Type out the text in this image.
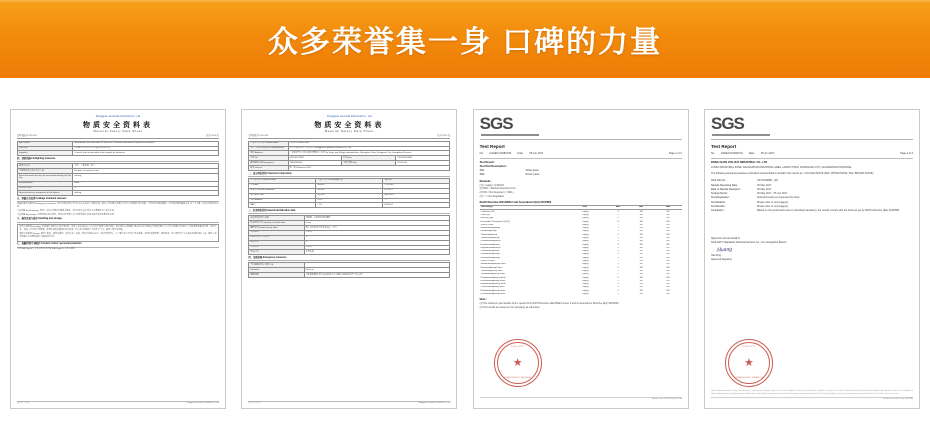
众多荣誉集一身 口碑的力量
Dongguan Junxinda Chemical Co., Ltd
物质安全资料表
Material Safety Data Sheet
资料表编号:JXD-001	版本:2015 版
Eye contact	Immediately rinse with water or saline for 15 minutes and need to hospital for treatment
皮肤接触	立即脱去污染衣着,用大量流动清水冲洗
Ingestion	To wash, drink as desirable to be hospital for treatment
四、消防措施 Firefighting measures
适用灭火剂	干粉、二氧化碳、砂土
不适用的灭火剂或灭火方法	No data, not need to know
Special hazards that may be encountered during the fighting	nothing
Fire-protection	water
特殊防护措施	无
Special protective equipment for the fighters	nothing
五、泄漏应急处理 Leakage treatment measure
泄漏的紧急处理措施 Emergency treatment: 切开污染的现场,不允许无关人员进入,切断火源。建议应急处理人员戴自给正压式呼吸器,穿防毒服。不要直接接触泄漏物。尽可能切断泄漏源,防止流入下水道、排洪沟等限制性空间。
少量泄漏 Small leakage: 用砂土或其它不燃材料吸附或吸收。也可以用大量水冲洗,洗水稀释后放入废水系统。
大量泄漏 Big leakage: 构筑围堤或挖坑收容。用泵转移至槽车或专用收集器内,回收或运至废物处理场所处置。
六、操作处置与储存 Handling and storage
操作注意事项 Handling: 密闭操作,提供充分的局部排风。操作人员必须经过专门培训,严格遵守操作规程。建议操作人员佩戴自吸过滤式防毒面具(半面罩),戴化学安全防护眼镜,穿防静电工作服,戴橡胶耐油手套。远离火种、热源,工作场所严禁吸烟。使用防爆型的通风系统和设备。防止蒸气泄漏到工作场所空气中。避免与氧化剂接触。
储存注意事项 Storage: 储存于阴凉、通风的库房。远离火种、热源。库温不宜超过30℃。保持容器密封。应与氧化剂分开存放,切忌混储。采用防爆型照明、通风设施。禁止使用易产生火花的机械设备和工具。储区应备有泄漏应急处理设备和合适的收容材料。
七、接触控制/个体防护 Contact control / personal protection
中国 MAC(mg/m³): 未制定标准 前苏联 MAC(mg/m³): 未制定标准
第 2 页 共 4 页	Dongguan Junxinda Chemical Co., Ltd
Dongguan Junxinda Chemical Co., Ltd
物质安全资料表
Material Safety Data Sheet
资料表编号:JXD-001	版本:2015 版
产品中英文名称 Product name	白色胶浆 White Glue		
生产厂商及制造商名称 Manufacturer	东莞市骏信达化工有限公司 Dongguan Junxinda Chemical Co., Ltd		
地址 Address	广东省东莞市大岭山镇大塘朗村工业区 Da Tang Lang Village Industrial Area, Dalingshan Town, Dongguan City, Guangdong Province		
电话 Tel	0769-81234567	传真 Fax	0769-81234568
紧急联络电话 Emergency	13800000000	制表日期 Date	2015-6-10
版本 Version	第一版 Reference 2015		
二、成分辨识资料 Chemical composition
化学品名称 Chemical name	含量百分比 Percentage (%)	CAS NO
水 Water	30-40%	7732-18-5
碳酸钙 Calcium carbonate	20-30%	471-34-1
聚乙烯醇 PVA	10-20%	9002-89-5
助剂 Additive	1-5%	—
MAP	< 1%	672-83-4
三、危害辨识资料 Hazard identification data
最重要的危害与影响	对眼睛、皮肤有轻微刺激性
物质危害分类 substance classification	Curve
健康危害 Health hazard effect	吸入高浓度蒸气可引起头晕、乏力
环境影响	无资料
物理性及化学性危害	无
特殊危害	无
主要症状	无资料
物质分类	非危险品
四、急救措施 Emergency measures
不同暴露途径之急救方法	
Inhalation	Fresh air
眼睛接触	立即提起眼睑,用大量流动清水或生理盐水彻底冲洗至少15分钟
第 1 页 共 4 页	Dongguan Junxinda Chemical Co., Ltd
SGS
Test Report
No. CANEC1702827/01 Date: 05 Jun 2017	Page 2 of 3
Test Result :
Test Part Description :
SN1	White paste
SN2	Brown paste
Remarks :
(1) 1 mg/kg = 0.0001%
(2) MDL = Method Detection Limit
(3) ND = Not Detected ( < MDL )
(4) "-" = Not Regulated
RoHS Directive 2011/65/EU and Amendment (EU) 2015/863
Test Item(s)	Unit	MDL	SN1	SN2
Cadmium (Cd)	mg/kg	2	ND	ND
Lead (Pb)	mg/kg	2	ND	ND
Mercury (Hg)	mg/kg	2	ND	ND
Hexavalent Chromium (Cr(VI))	mg/kg	8	ND	ND
Sum of PBBs	mg/kg	-	ND	ND
Monobromobiphenyl	mg/kg	5	ND	ND
Dibromobiphenyl	mg/kg	5	ND	ND
Tribromobiphenyl	mg/kg	5	ND	ND
Tetrabromobiphenyl	mg/kg	5	ND	ND
Pentabromobiphenyl	mg/kg	5	ND	ND
Hexabromobiphenyl	mg/kg	5	ND	ND
Heptabromobiphenyl	mg/kg	5	ND	ND
Octabromobiphenyl	mg/kg	5	ND	ND
Nonabromobiphenyl	mg/kg	5	ND	ND
Decabromobiphenyl	mg/kg	5	ND	ND
Sum of PBDEs	mg/kg	-	ND	ND
Monobromodiphenyl ether	mg/kg	5	ND	ND
Dibromodiphenyl ether	mg/kg	5	ND	ND
Tribromodiphenyl ether	mg/kg	5	ND	ND
Tetrabromodiphenyl ether	mg/kg	5	ND	ND
Pentabromodiphenyl ether	mg/kg	5	ND	ND
Hexabromodiphenyl ether	mg/kg	5	ND	ND
Heptabromodiphenyl ether	mg/kg	5	ND	ND
Octabromodiphenyl ether	mg/kg	5	ND	ND
Nonabromodiphenyl ether	mg/kg	5	ND	ND
Decabromodiphenyl ether	mg/kg	5	ND	ND
Note :
(1) The maximum permissible limit is quoted from RoHS Directive 2011/65/EU Annex II and its amendment Directive (EU) 2015/863.
(2) Test results are based on the sample(s) as submitted.
SGS-CSTC
★
GUANGZHOU BRANCH
Member of the SGS Group (SGS SA)
SGS
Test Report
No. CANEC1702827/01 Date: 05 Jun 2017	Page 1 of 3
DONG GUAN JUN HUA INDUSTRIAL CO., LTD
JUNFU INDUSTRIAL ZONE, DALINGSHAN INDUSTRIAL AREA, LAOBU TOWN, DONGGUAN CITY, GUANGDONG PROVINCE
The following sample(s) was/were submitted and identified on behalf of the clients as : COLOUR PASTE (SN1: WHITE PASTE, SN2: BROWN PASTE)
SGS Job No. :	CP1702089B - QN
Sample Receiving Date :	25 May 2017
Date of Sample Received :	25 May 2017
Testing Period :	25 May 2017 - 05 Jun 2017
Test Requested :	Selected test(s) as requested by client.
Test Method :	Please refer to next page(s).
Test Results :	Please refer to next page(s).
Conclusion :	Based on the performed tests on submitted sample(s), the results comply with the limits as set by RoHS Directive (EU) 2015/863.
Signed for and on behalf of
SGS-CSTC Standards Technical Services Co., Ltd. Guangzhou Branch
Huang
Hao Ping
Approved Signatory
SGS-CSTC
★
GUANGZHOU BRANCH
Unless otherwise agreed in writing, this document is issued by the Company subject to its General Conditions of Service printed overleaf, available on request or accessible at http://www.sgs.com/en/Terms-and-Conditions.aspx. Attention is drawn to the limitation of liability, indemnification and jurisdiction issues defined therein. Any holder of this document is advised that information contained hereon reflects the Company's findings at the time of its intervention only and within the limits of Client's instructions, if any.
Member of the SGS Group (SGS SA)
